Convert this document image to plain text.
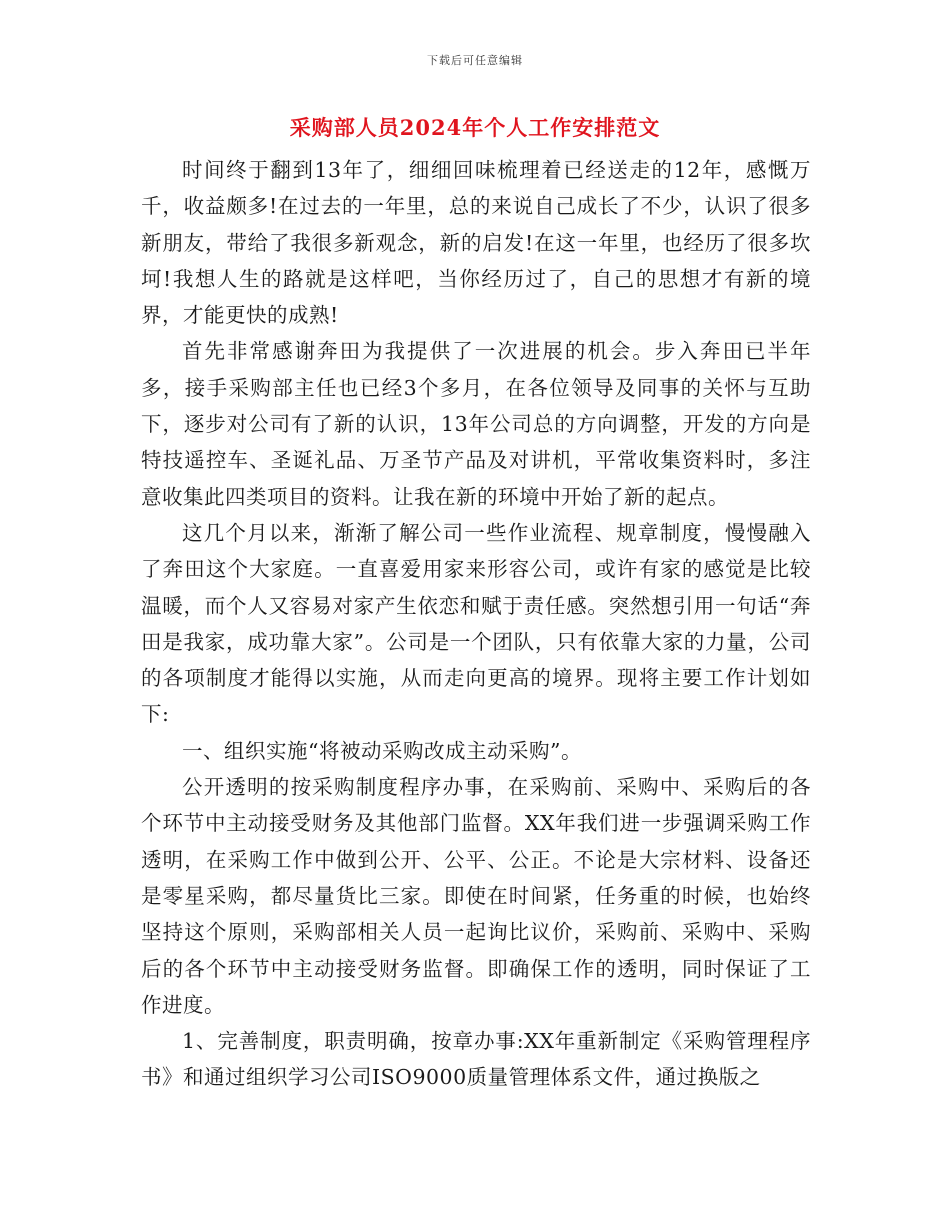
下载后可任意编辑
采购部人员2024年个人工作安排范文

时间终于翻到13年了，细细回味梳理着已经送走的12年，感慨万千，收益颇多!在过去的一年里，总的来说自己成长了不少，认识了很多新朋友，带给了我很多新观念，新的启发!在这一年里，也经历了很多坎坷!我想人生的路就是这样吧，当你经历过了，自己的思想才有新的境界，才能更快的成熟!

首先非常感谢奔田为我提供了一次进展的机会。步入奔田已半年多，接手采购部主任也已经3个多月，在各位领导及同事的关怀与互助下，逐步对公司有了新的认识，13年公司总的方向调整，开发的方向是特技遥控车、圣诞礼品、万圣节产品及对讲机，平常收集资料时，多注意收集此四类项目的资料。让我在新的环境中开始了新的起点。

这几个月以来，渐渐了解公司一些作业流程、规章制度，慢慢融入了奔田这个大家庭。一直喜爱用家来形容公司，或许有家的感觉是比较温暖，而个人又容易对家产生依恋和赋于责任感。突然想引用一句话“奔田是我家，成功靠大家”。公司是一个团队，只有依靠大家的力量，公司的各项制度才能得以实施，从而走向更高的境界。现将主要工作计划如下:

一、组织实施“将被动采购改成主动采购”。

公开透明的按采购制度程序办事，在采购前、采购中、采购后的各个环节中主动接受财务及其他部门监督。XX年我们进一步强调采购工作透明，在采购工作中做到公开、公平、公正。不论是大宗材料、设备还是零星采购，都尽量货比三家。即使在时间紧，任务重的时候，也始终坚持这个原则，采购部相关人员一起询比议价，采购前、采购中、采购后的各个环节中主动接受财务监督。即确保工作的透明，同时保证了工作进度。

1、完善制度，职责明确，按章办事:XX年重新制定《采购管理程序书》和通过组织学习公司ISO9000质量管理体系文件，通过换版之
